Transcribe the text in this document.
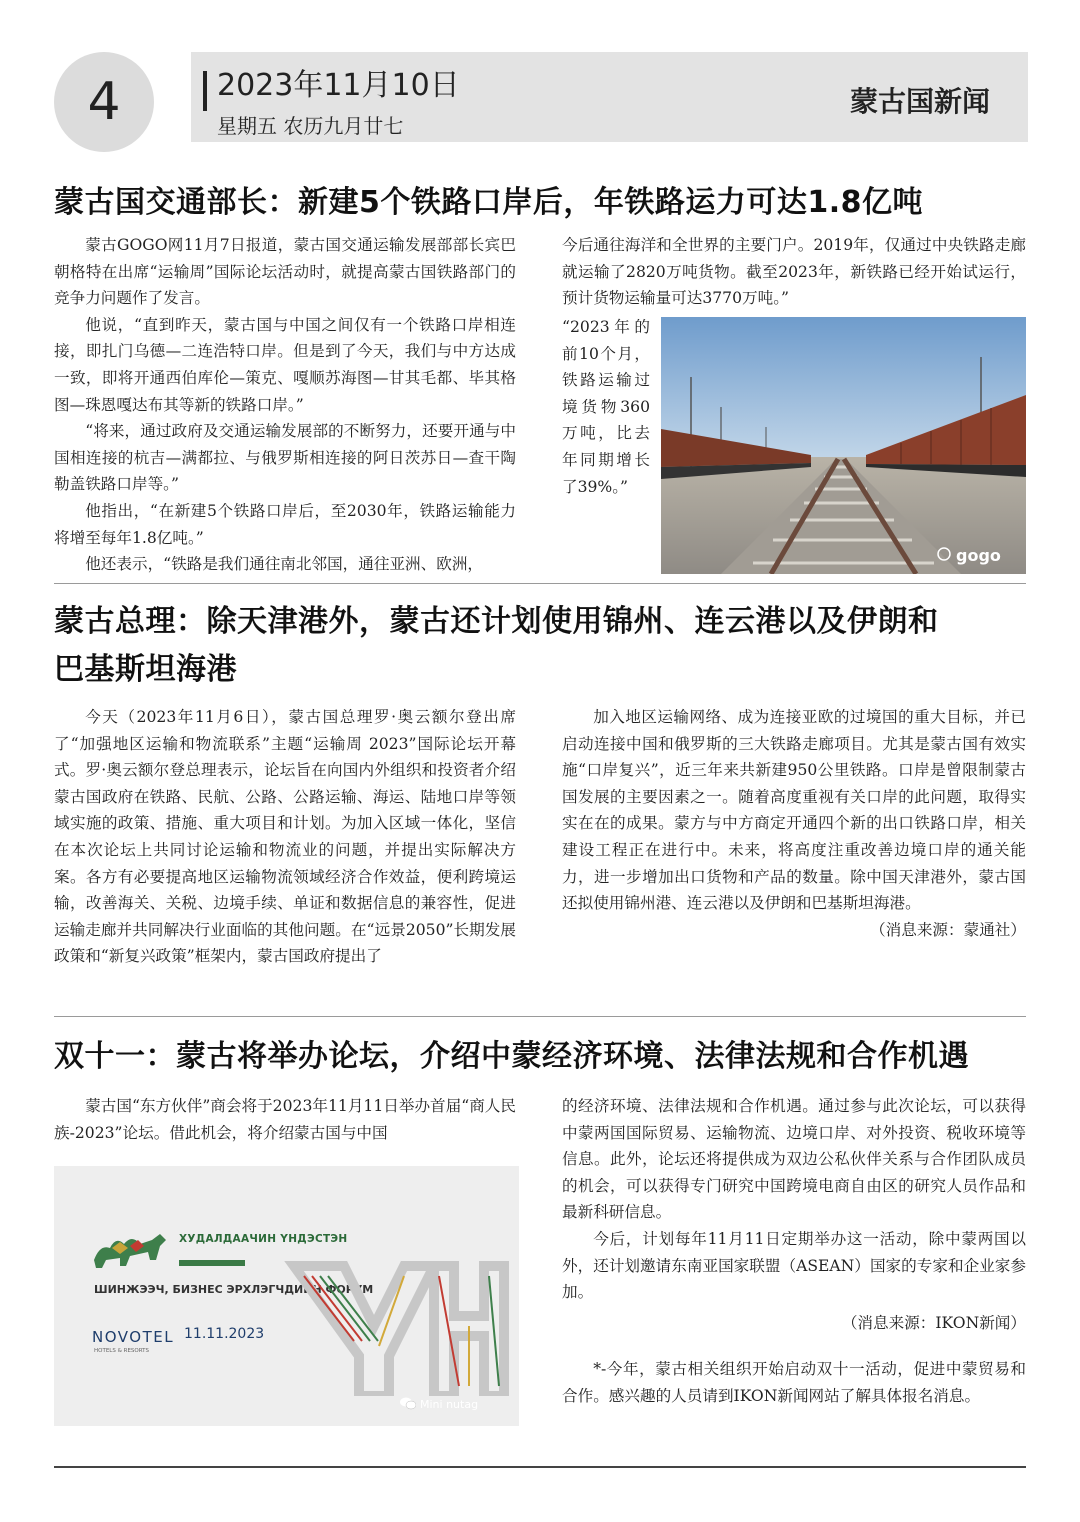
4	2023年11月10日
星期五 农历九月廿七
蒙古国新闻
蒙古国交通部长：新建5个铁路口岸后，年铁路运力可达1.8亿吨

蒙古GOGO网11月7日报道，蒙古国交通运输发展部部长宾巴朝格特在出席“运输周”国际论坛活动时，就提高蒙古国铁路部门的竞争力问题作了发言。

他说，“直到昨天，蒙古国与中国之间仅有一个铁路口岸相连接，即扎门乌德—二连浩特口岸。但是到了今天，我们与中方达成一致，即将开通西伯库伦—策克、嘎顺苏海图—甘其毛都、毕其格图—珠恩嘎达布其等新的铁路口岸。”

“将来，通过政府及交通运输发展部的不断努力，还要开通与中国相连接的杭吉—满都拉、与俄罗斯相连接的阿日茨苏日—查干陶勒盖铁路口岸等。”

他指出，“在新建5个铁路口岸后，至2030年，铁路运输能力将增至每年1.8亿吨。”

他还表示，“铁路是我们通往南北邻国，通往亚洲、欧洲，

今后通往海洋和全世界的主要门户。2019年，仅通过中央铁路走廊就运输了2820万吨货物。截至2023年，新铁路已经开始试运行，预计货物运输量可达3770万吨。”

“2023年的前10个月，铁路运输过境货物360万吨，比去年同期增长了39%。”
gogo
蒙古总理：除天津港外，蒙古还计划使用锦州、连云港以及伊朗和
巴基斯坦海港

今天（2023年11月6日），蒙古国总理罗·奥云额尔登出席了“加强地区运输和物流联系”主题“运输周 2023”国际论坛开幕式。罗·奥云额尔登总理表示，论坛旨在向国内外组织和投资者介绍蒙古国政府在铁路、民航、公路、公路运输、海运、陆地口岸等领域实施的政策、措施、重大项目和计划。为加入区域一体化，坚信在本次论坛上共同讨论运输和物流业的问题，并提出实际解决方案。各方有必要提高地区运输物流领域经济合作效益，便利跨境运输，改善海关、关税、边境手续、单证和数据信息的兼容性，促进运输走廊并共同解决行业面临的其他问题。在“远景2050”长期发展政策和“新复兴政策”框架内，蒙古国政府提出了

加入地区运输网络、成为连接亚欧的过境国的重大目标，并已启动连接中国和俄罗斯的三大铁路走廊项目。尤其是蒙古国有效实施“口岸复兴”，近三年来共新建950公里铁路。口岸是曾限制蒙古国发展的主要因素之一。随着高度重视有关口岸的此问题，取得实实在在的成果。蒙方与中方商定开通四个新的出口铁路口岸，相关建设工程正在进行中。未来，将高度注重改善边境口岸的通关能力，进一步增加出口货物和产品的数量。除中国天津港外，蒙古国还拟使用锦州港、连云港以及伊朗和巴基斯坦海港。

（消息来源：蒙通社）

双十一：蒙古将举办论坛，介绍中蒙经济环境、法律法规和合作机遇

蒙古国“东方伙伴”商会将于2023年11月11日举办首届“商人民族-2023”论坛。借此机会，将介绍蒙古国与中国

ХУДАЛДААЧИН ҮНДЭСТЭН
ШИНЖЭЭЧ, БИЗНЕС ЭРХЛЭГЧДИЙН ФОРУМ
NOVOTEL
HOTELS & RESORTS
11.11.2023
Mini nutag

的经济环境、法律法规和合作机遇。通过参与此次论坛，可以获得中蒙两国国际贸易、运输物流、边境口岸、对外投资、税收环境等信息。此外，论坛还将提供成为双边公私伙伴关系与合作团队成员的机会，可以获得专门研究中国跨境电商自由区的研究人员作品和最新科研信息。

今后，计划每年11月11日定期举办这一活动，除中蒙两国以外，还计划邀请东南亚国家联盟（ASEAN）国家的专家和企业家参加。

（消息来源：IKON新闻）

*-今年，蒙古相关组织开始启动双十一活动，促进中蒙贸易和合作。感兴趣的人员请到IKON新闻网站了解具体报名消息。
